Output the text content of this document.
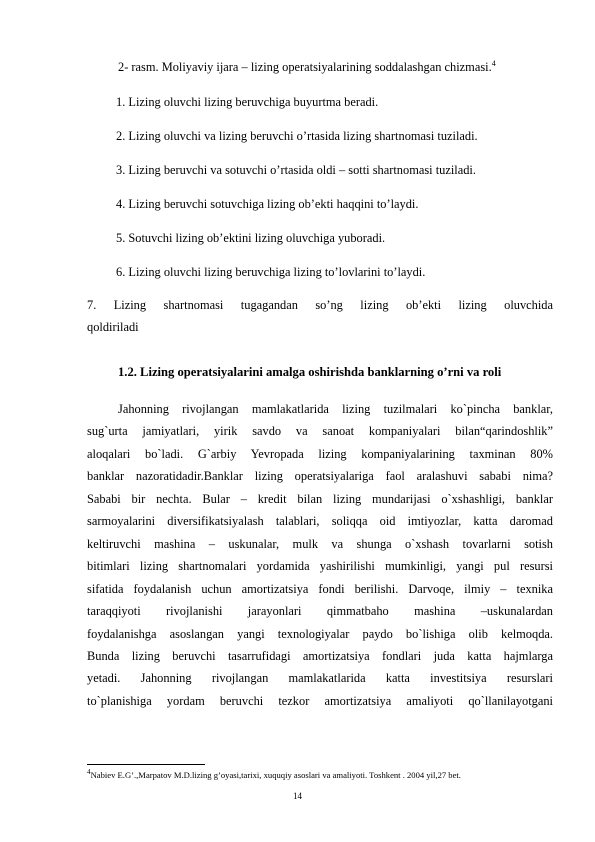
2- rasm. Moliyaviy ijara – lizing operatsiyalarining soddalashgan chizmasi.$^4$
1. Lizing oluvchi lizing beruvchiga buyurtma beradi.
2. Lizing oluvchi va lizing beruvchi o’rtasida lizing shartnomasi tuziladi.
3. Lizing beruvchi va sotuvchi o’rtasida oldi – sotti shartnomasi tuziladi.
4. Lizing beruvchi sotuvchiga lizing ob’ekti haqqini to’laydi.
5. Sotuvchi lizing ob’ektini lizing oluvchiga yuboradi.
6. Lizing oluvchi lizing beruvchiga lizing to’lovlarini to’laydi.
7. Lizing shartnomasi tugagandan so’ng lizing ob’ekti lizing oluvchida
qoldiriladi
1.2. Lizing operatsiyalarini amalga oshirishda banklarning o’rni va roli
Jahonning rivojlangan mamlakatlarida lizing tuzilmalari ko`pincha banklar,
sug`urta jamiyatlari, yirik savdo va sanoat kompaniyalari bilan“qarindoshlik”
aloqalari bo`ladi. G`arbiy Yevropada lizing kompaniyalarining taxminan 80%
banklar nazoratidadir.Banklar lizing operatsiyalariga faol aralashuvi sababi nima?
Sababi bir nechta. Bular – kredit bilan lizing mundarijasi o`xshashligi, banklar
sarmoyalarini diversifikatsiyalash talablari, soliqqa oid imtiyozlar, katta daromad
keltiruvchi mashina – uskunalar, mulk va shunga o`xshash tovarlarni sotish
bitimlari lizing shartnomalari yordamida yashirilishi mumkinligi, yangi pul resursi
sifatida foydalanish uchun amortizatsiya fondi berilishi. Darvoqe, ilmiy – texnika
taraqqiyoti rivojlanishi jarayonlari qimmatbaho mashina –uskunalardan
foydalanishga asoslangan yangi texnologiyalar paydo bo`lishiga olib kelmoqda.
Bunda lizing beruvchi tasarrufidagi amortizatsiya fondlari juda katta hajmlarga
yetadi. Jahonning rivojlangan mamlakatlarida katta investitsiya resurslari
to`planishiga yordam beruvchi tezkor amortizatsiya amaliyoti qo`llanilayotgani
$^4$Nabiev E.G’.,Marpatov M.D.lizing g’oyasi,tarixi, xuquqiy asoslari va amaliyoti. Toshkent . 2004 yil,27 bet.
14
